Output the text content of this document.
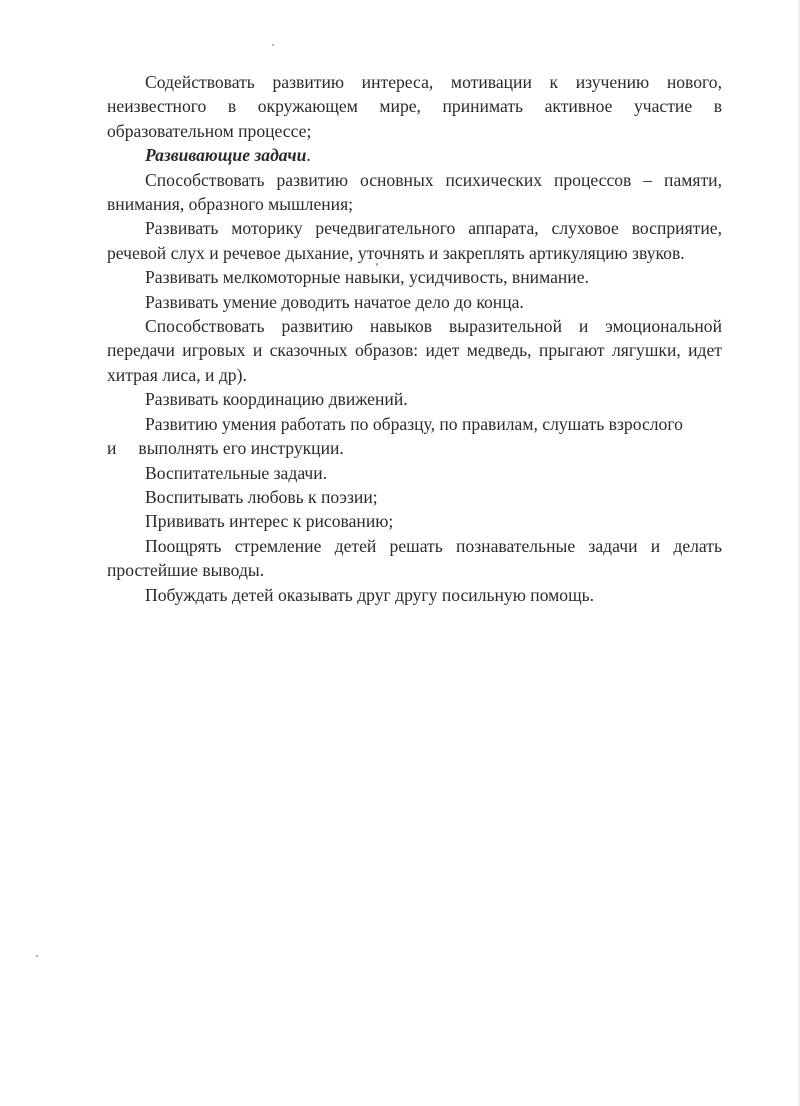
Содействовать развитию интереса, мотивации к изучению нового, неизвестного в окружающем мире, принимать активное участие в образовательном процессе;

Развивающие задачи.

Способствовать развитию основных психических процессов – памяти, внимания, образного мышления;

Развивать моторику речедвигательного аппарата, слуховое восприятие, речевой слух и речевое дыхание, уточнять и закреплять артикуляцию звуков.

Развивать мелкомоторные навыки, усидчивость, внимание.

Развивать умение доводить начатое дело до конца.

Способствовать развитию навыков выразительной и эмоциональной передачи игровых и сказочных образов: идет медведь, прыгают лягушки, идет хитрая лиса, и др).

Развивать координацию движений.

Развитию умения работать по образцу, по правилам, слушать взрослого

и выполнять его инструкции.

Воспитательные задачи.

Воспитывать любовь к поэзии;

Прививать интерес к рисованию;

Поощрять стремление детей решать познавательные задачи и делать простейшие выводы.

Побуждать детей оказывать друг другу посильную помощь.
